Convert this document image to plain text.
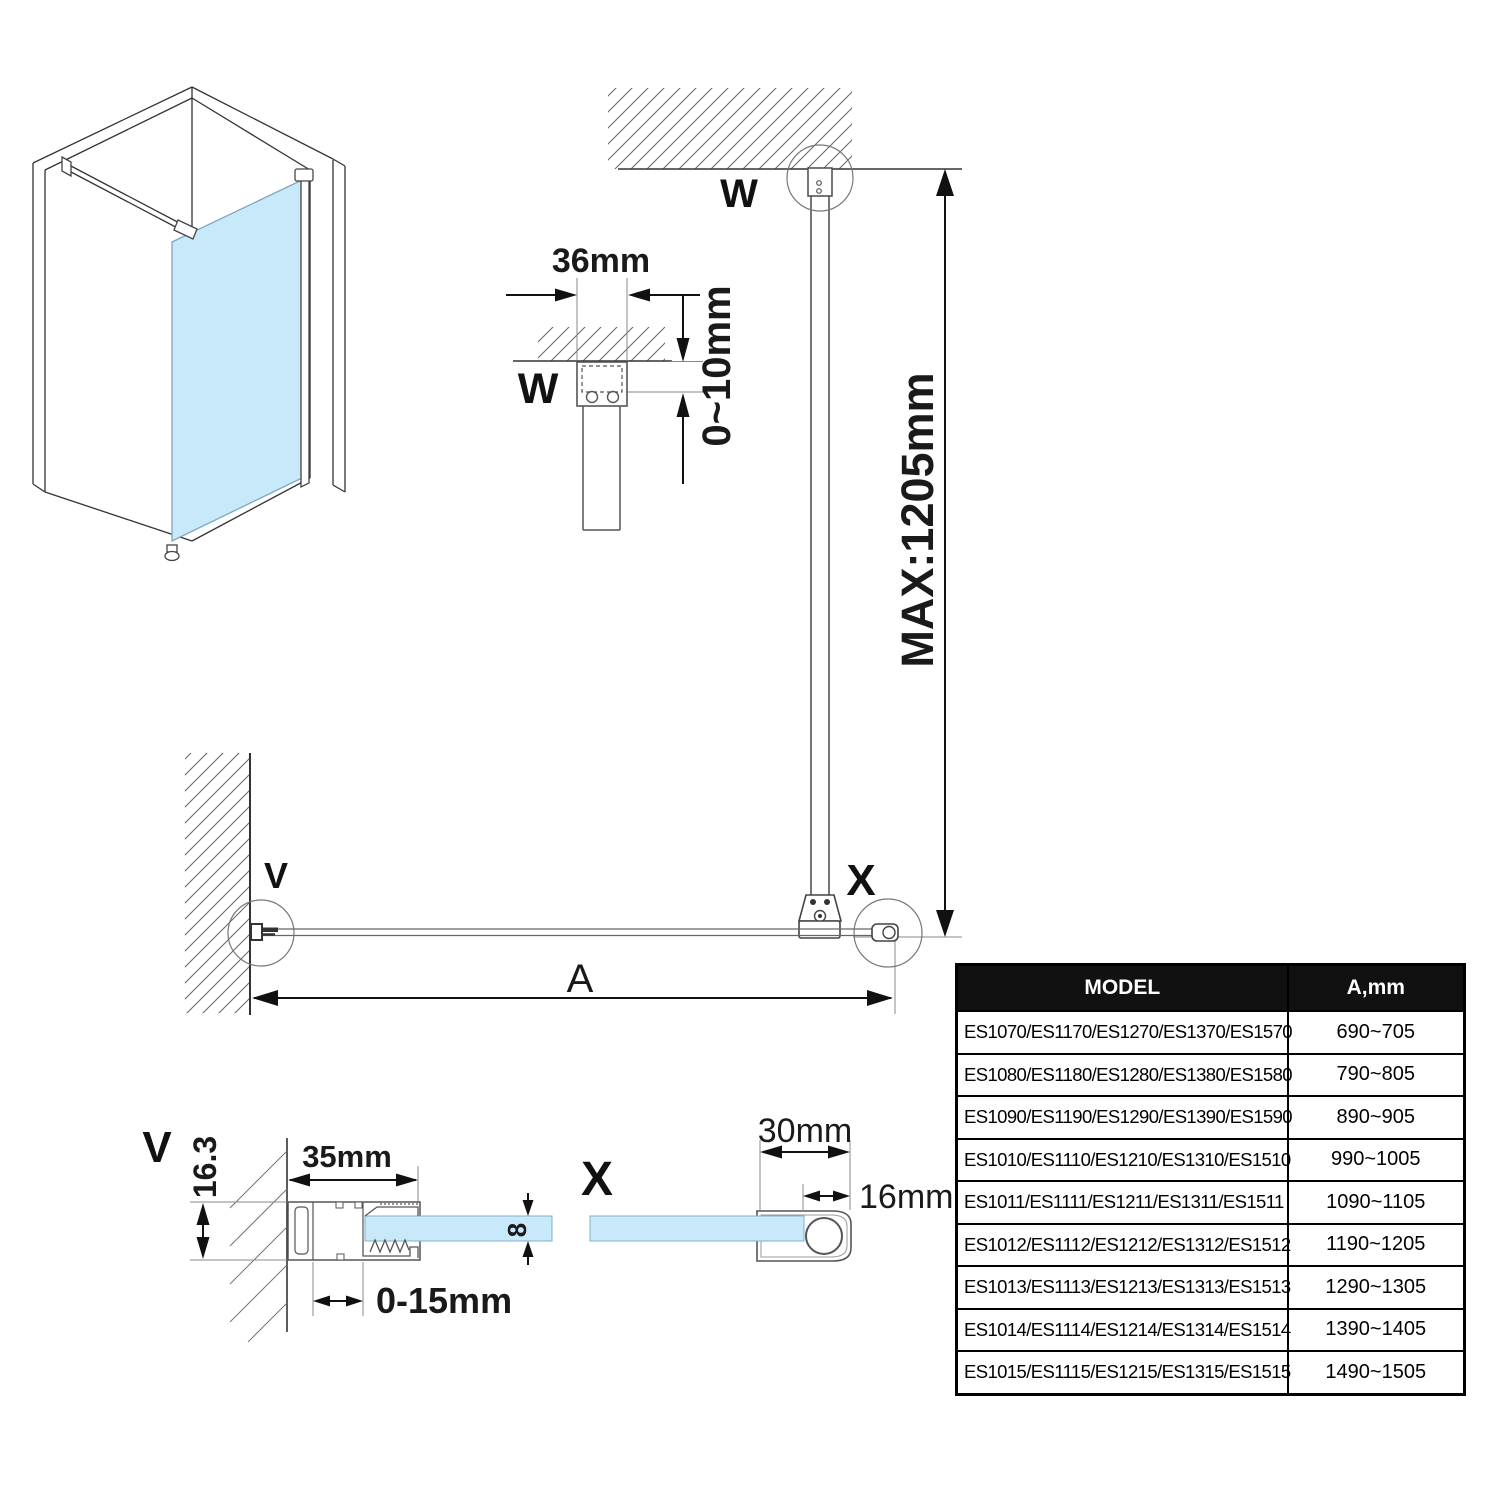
36mm
0~10mm
W
W
X
MAX:1205mm
V
A
V 16.3	35mm
0-15mm
8
X
30mm
16mm
MODEL	A,mm
ES1070/ES1170/ES1270/ES1370/ES1570	690~705
ES1080/ES1180/ES1280/ES1380/ES1580	790~805
ES1090/ES1190/ES1290/ES1390/ES1590	890~905
ES1010/ES1110/ES1210/ES1310/ES1510	990~1005
ES1011/ES1111/ES1211/ES1311/ES1511	1090~1105
ES1012/ES1112/ES1212/ES1312/ES1512	1190~1205
ES1013/ES1113/ES1213/ES1313/ES1513	1290~1305
ES1014/ES1114/ES1214/ES1314/ES1514	1390~1405
ES1015/ES1115/ES1215/ES1315/ES1515	1490~1505
